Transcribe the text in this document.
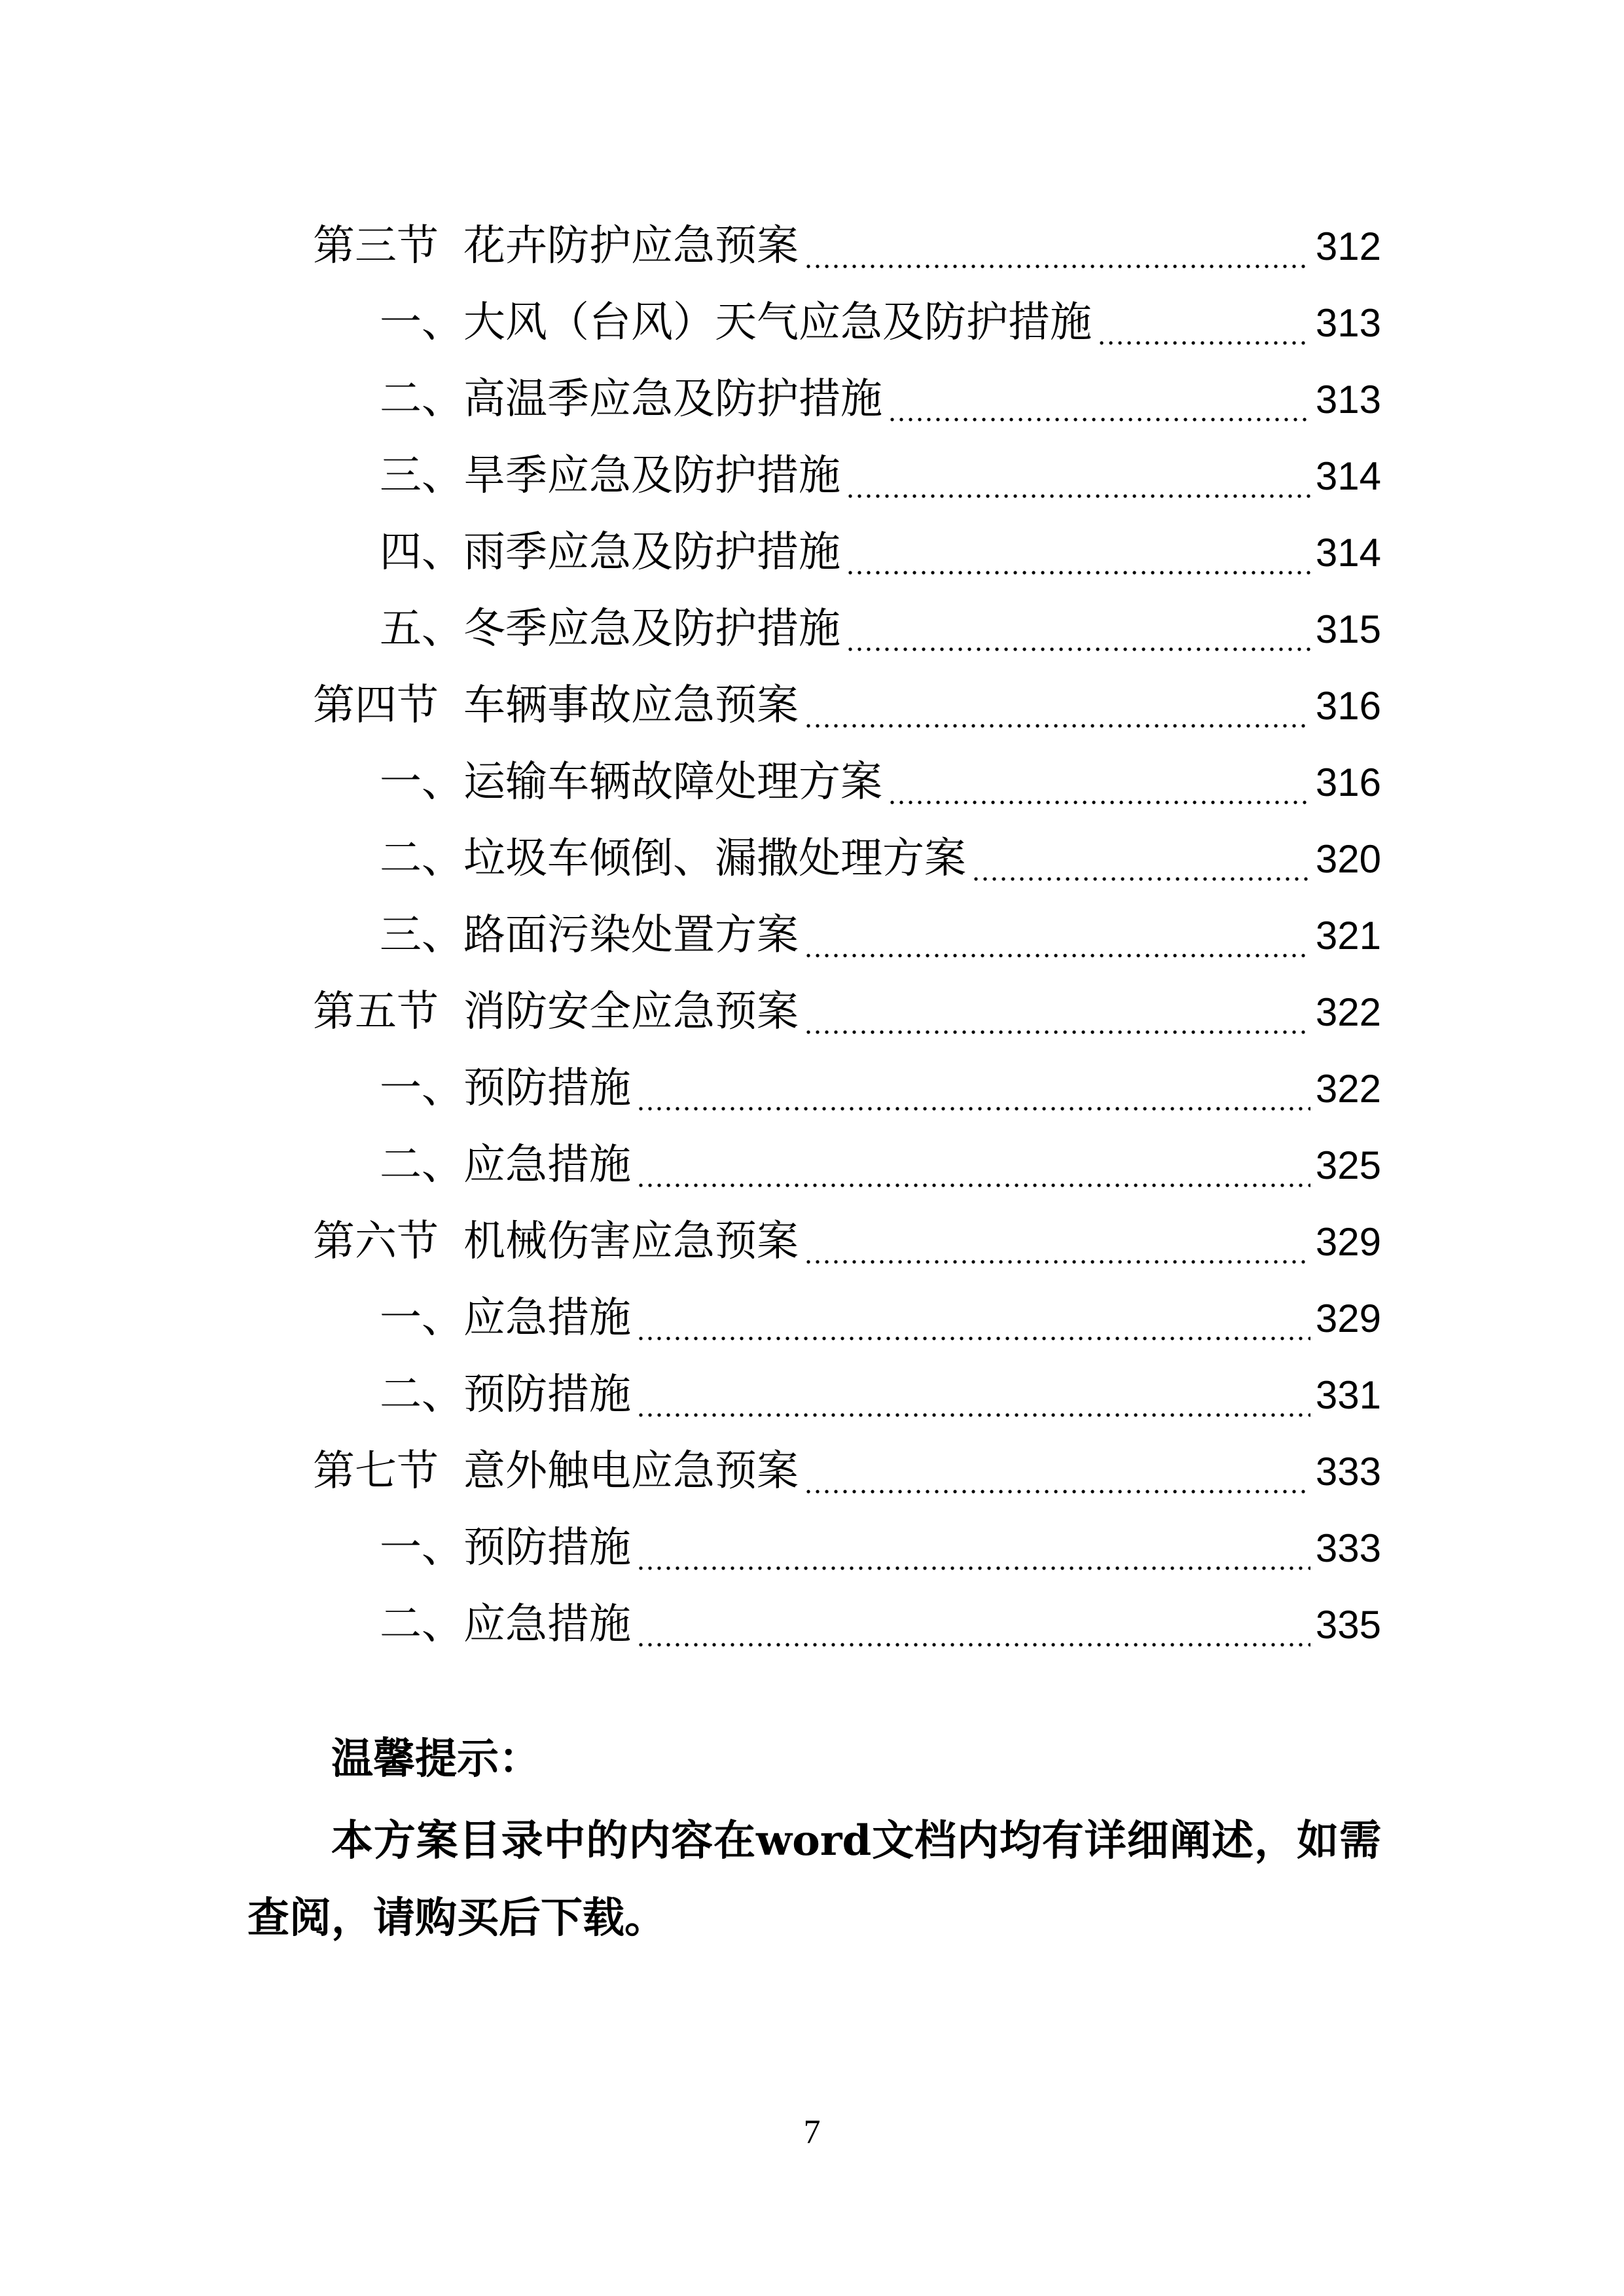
第三节 花卉防护应急预案	312
一、大风（台风）天气应急及防护措施	313
二、高温季应急及防护措施	313
三、旱季应急及防护措施	314
四、雨季应急及防护措施	314
五、冬季应急及防护措施	315
第四节 车辆事故应急预案	316
一、运输车辆故障处理方案	316
二、垃圾车倾倒、漏撒处理方案	320
三、路面污染处置方案	321
第五节 消防安全应急预案	322
一、预防措施	322
二、应急措施	325
第六节 机械伤害应急预案	329
一、应急措施	329
二、预防措施	331
第七节 意外触电应急预案	333
一、预防措施	333
二、应急措施	335
温馨提示：
本方案目录中的内容在word文档内均有详细阐述，如需查阅，请购买后下载。
7
